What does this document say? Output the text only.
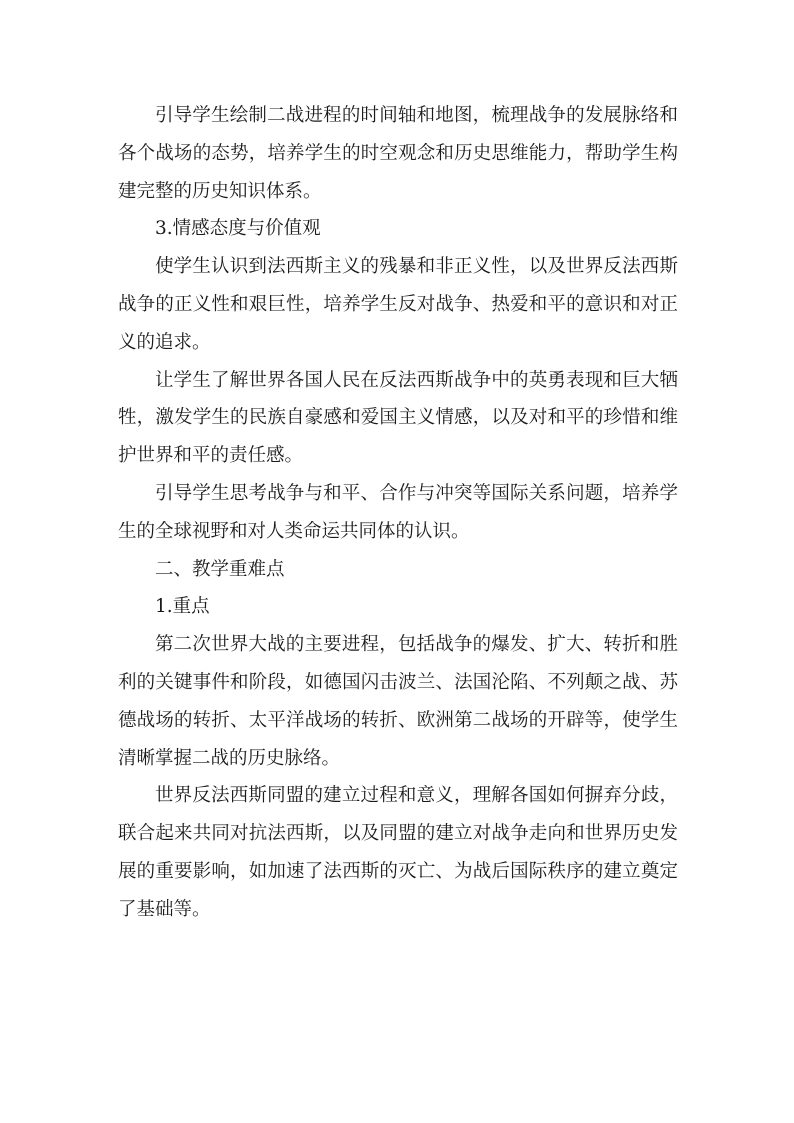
引导学生绘制二战进程的时间轴和地图，梳理战争的发展脉络和各个战场的态势，培养学生的时空观念和历史思维能力，帮助学生构建完整的历史知识体系。

3.情感态度与价值观

使学生认识到法西斯主义的残暴和非正义性，以及世界反法西斯战争的正义性和艰巨性，培养学生反对战争、热爱和平的意识和对正义的追求。

让学生了解世界各国人民在反法西斯战争中的英勇表现和巨大牺牲，激发学生的民族自豪感和爱国主义情感，以及对和平的珍惜和维护世界和平的责任感。

引导学生思考战争与和平、合作与冲突等国际关系问题，培养学生的全球视野和对人类命运共同体的认识。

二、教学重难点

1.重点

第二次世界大战的主要进程，包括战争的爆发、扩大、转折和胜利的关键事件和阶段，如德国闪击波兰、法国沦陷、不列颠之战、苏德战场的转折、太平洋战场的转折、欧洲第二战场的开辟等，使学生清晰掌握二战的历史脉络。

世界反法西斯同盟的建立过程和意义，理解各国如何摒弃分歧，联合起来共同对抗法西斯，以及同盟的建立对战争走向和世界历史发展的重要影响，如加速了法西斯的灭亡、为战后国际秩序的建立奠定了基础等。
